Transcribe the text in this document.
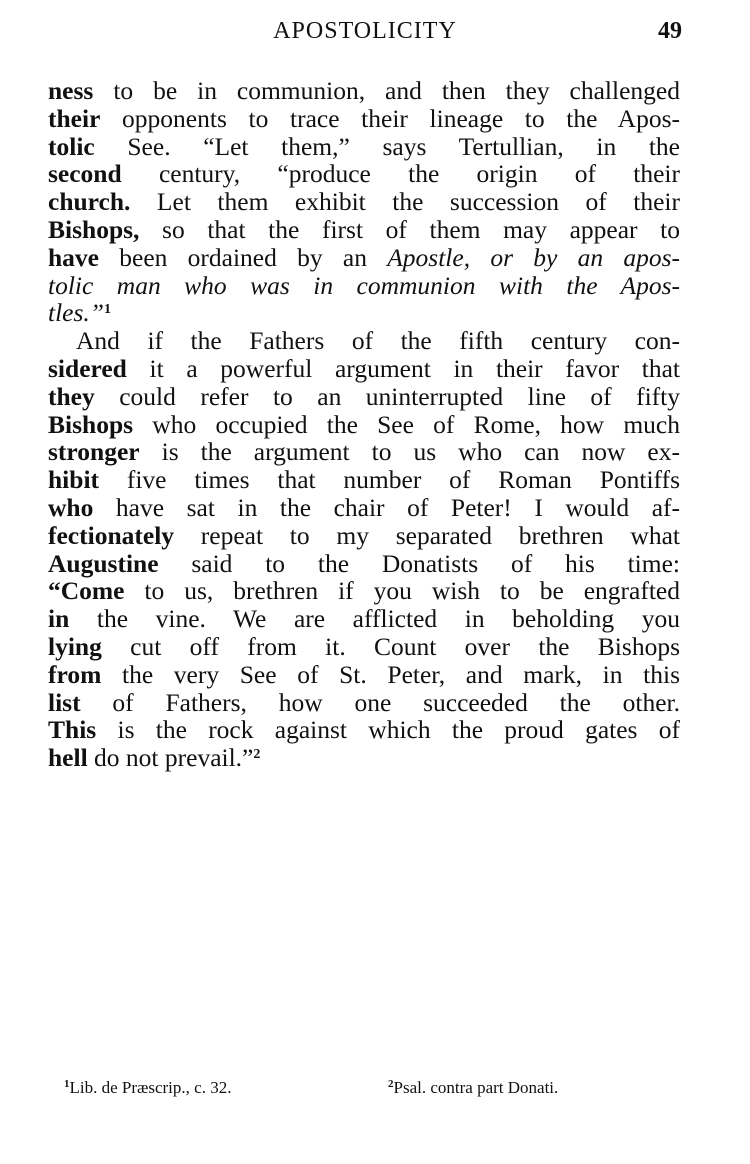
APOSTOLICITY	49
ness to be in communion, and then they challenged
their opponents to trace their lineage to the Apos-
tolic See. “Let them,” says Tertullian, in the
second century, “produce the origin of their
church. Let them exhibit the succession of their
Bishops, so that the first of them may appear to
have been ordained by an Apostle, or by an apos-
tolic man who was in communion with the Apos-
tles.”$^1$
And if the Fathers of the fifth century con-
sidered it a powerful argument in their favor that
they could refer to an uninterrupted line of fifty
Bishops who occupied the See of Rome, how much
stronger is the argument to us who can now ex-
hibit five times that number of Roman Pontiffs
who have sat in the chair of Peter! I would af-
fectionately repeat to my separated brethren what
Augustine said to the Donatists of his time:
“Come to us, brethren if you wish to be engrafted
in the vine. We are afflicted in beholding you
lying cut off from it. Count over the Bishops
from the very See of St. Peter, and mark, in this
list of Fathers, how one succeeded the other.
This is the rock against which the proud gates of
hell do not prevail.”$^2$
$^1$Lib. de Præscrip., c. 32.	$^2$Psal. contra part Donati.
